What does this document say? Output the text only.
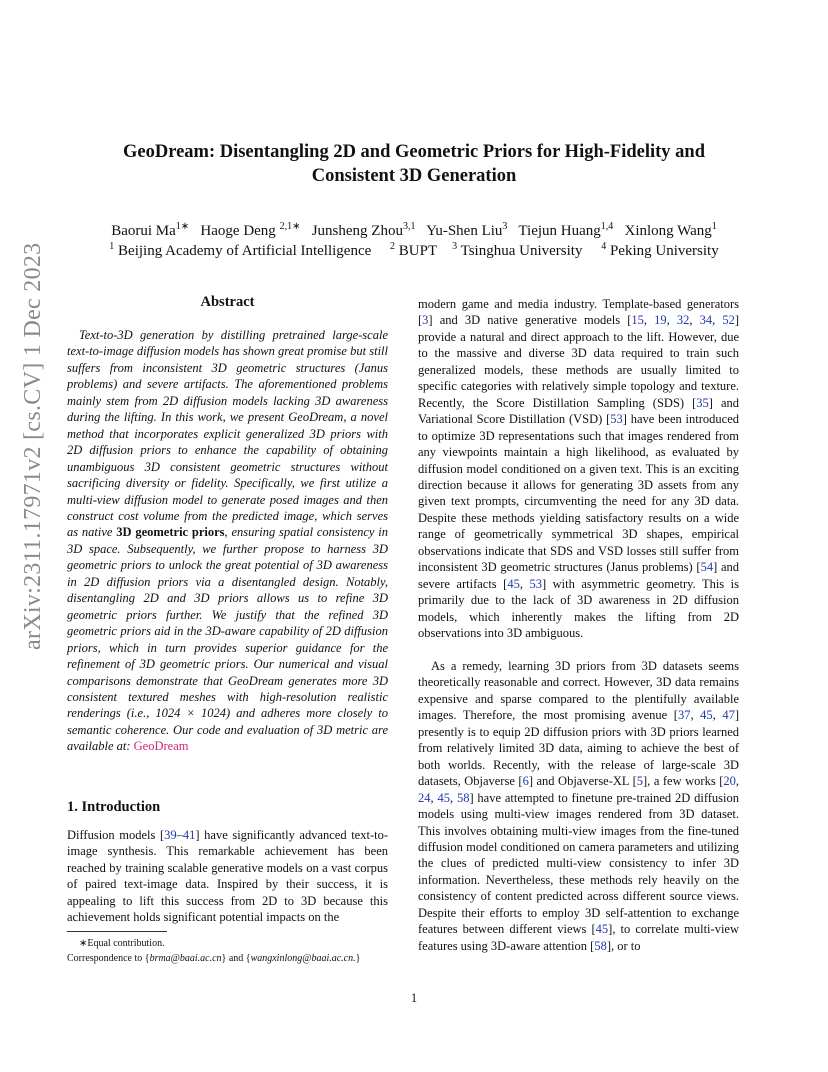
GeoDream: Disentangling 2D and Geometric Priors for High-Fidelity and
Consistent 3D Generation
Baorui $Ma^{1∗}$ Haoge Deng $^{2,1∗}$ Junsheng Zhou$^{3,1}$ Yu-Shen Liu$^3$ Tiejun Huang$^{1,4}$ Xinlong Wang$^1$
$^1$ Beijing Academy of Artificial Intelligence $^2$ BUPT $^3$ Tsinghua University $^4$ Peking University
arXiv:2311.17971v2 [cs.CV] 1 Dec 2023	Abstract
Text-to-3D generation by distilling pretrained large-scale text-to-image diffusion models has shown great promise but still suffers from inconsistent 3D geometric structures (Janus problems) and severe artifacts. The aforementioned problems mainly stem from 2D diffusion models lacking 3D awareness during the lifting. In this work, we present GeoDream, a novel method that incorporates explicit generalized 3D priors with 2D diffusion priors to enhance the capability of obtaining unambiguous 3D consistent geometric structures without sacrificing diversity or fidelity. Specifically, we first utilize a multi-view diffusion model to generate posed images and then construct cost volume from the predicted image, which serves as native 3D geometric priors, ensuring spatial consistency in 3D space. Subsequently, we further propose to harness 3D geometric priors to unlock the great potential of 3D awareness in 2D diffusion priors via a disentangled design. Notably, disentangling 2D and 3D priors allows us to refine 3D geometric priors further. We justify that the refined 3D geometric priors aid in the 3D-aware capability of 2D diffusion priors, which in turn provides superior guidance for the refinement of 3D geometric priors. Our numerical and visual comparisons demonstrate that GeoDream generates more 3D consistent textured meshes with high-resolution realistic renderings (i.e., 1024 × 1024) and adheres more closely to semantic coherence. Our code and evaluation of 3D metric are available at: GeoDream
1. Introduction
Diffusion models [39–41] have significantly advanced text-to-image synthesis. This remarkable achievement has been reached by training scalable generative models on a vast corpus of paired text-image data. Inspired by their success, it is appealing to lift this success from 2D to 3D because this achievement holds significant potential impacts on the
∗Equal contribution.
Correspondence to {brma@baai.ac.cn} and {wangxinlong@baai.ac.cn.}
modern game and media industry. Template-based generators [3] and 3D native generative models [15, 19, 32, 34, 52] provide a natural and direct approach to the lift. However, due to the massive and diverse 3D data required to train such generalized models, these methods are usually limited to specific categories with relatively simple topology and texture. Recently, the Score Distillation Sampling (SDS) [35] and Variational Score Distillation (VSD) [53] have been introduced to optimize 3D representations such that images rendered from any viewpoints maintain a high likelihood, as evaluated by diffusion model conditioned on a given text. This is an exciting direction because it allows for generating 3D assets from any given text prompts, circumventing the need for any 3D data. Despite these methods yielding satisfactory results on a wide range of geometrically symmetrical 3D shapes, empirical observations indicate that SDS and VSD losses still suffer from inconsistent 3D geometric structures (Janus problems) [54] and severe artifacts [45, 53] with asymmetric geometry. This is primarily due to the lack of 3D awareness in 2D diffusion models, which inherently makes the lifting from 2D observations into 3D ambiguous.
As a remedy, learning 3D priors from 3D datasets seems theoretically reasonable and correct. However, 3D data remains expensive and sparse compared to the plentifully available images. Therefore, the most promising avenue [37, 45, 47] presently is to equip 2D diffusion priors with 3D priors learned from relatively limited 3D data, aiming to achieve the best of both worlds. Recently, with the release of large-scale 3D datasets, Objaverse [6] and Objaverse-XL [5], a few works [20, 24, 45, 58] have attempted to finetune pre-trained 2D diffusion models using multi-view images rendered from 3D dataset. This involves obtaining multi-view images from the fine-tuned diffusion model conditioned on camera parameters and utilizing the clues of predicted multi-view consistency to infer 3D information. Nevertheless, these methods rely heavily on the consistency of content predicted across different source views. Despite their efforts to employ 3D self-attention to exchange features between different views [45], to correlate multi-view features using 3D-aware attention [58], or to
1
